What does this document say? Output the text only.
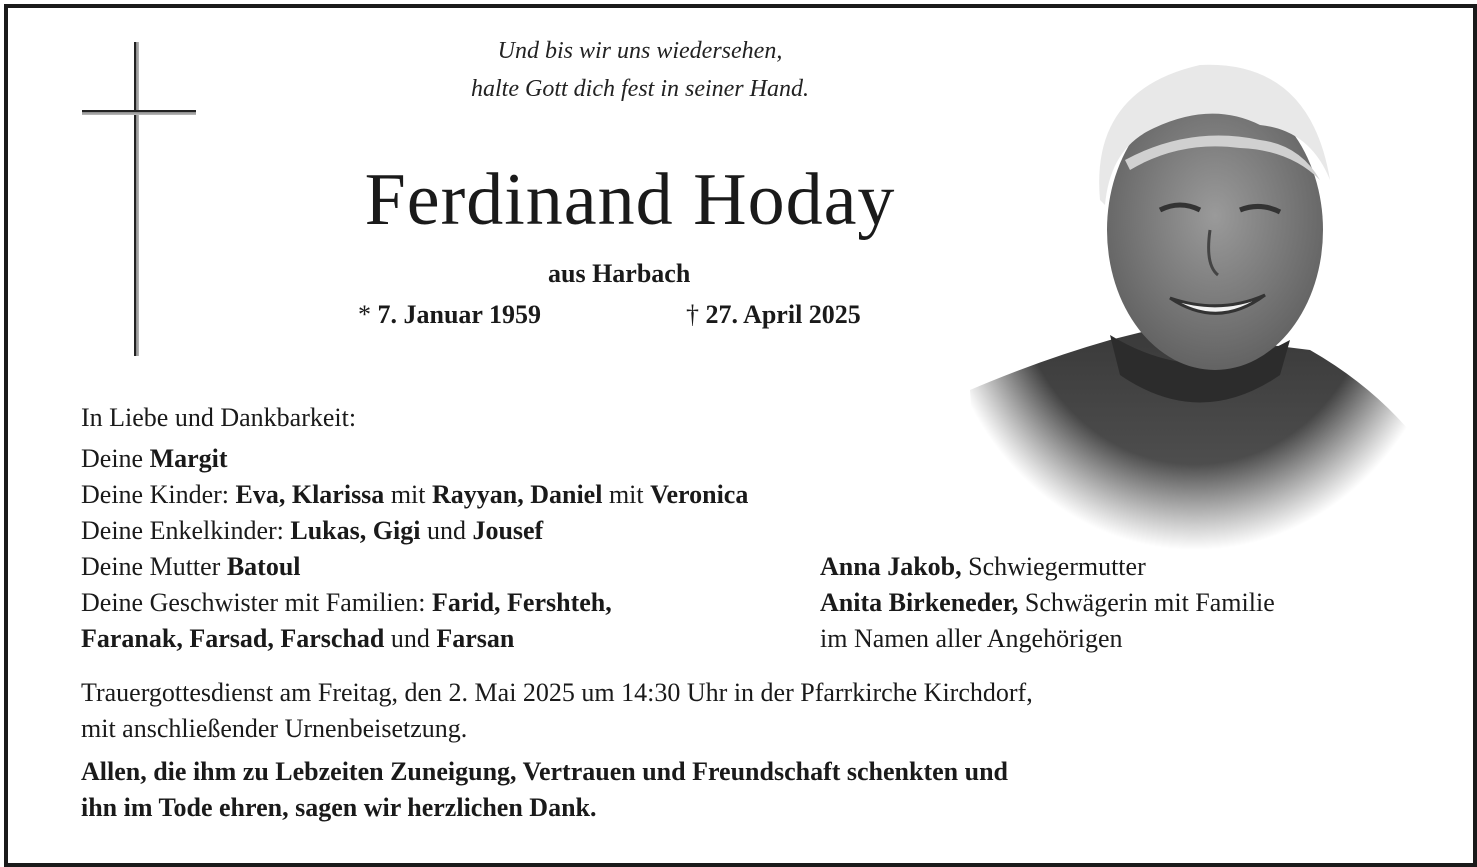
Und bis wir uns wiedersehen,
halte Gott dich fest in seiner Hand.
Ferdinand Hoday
aus Harbach
* 7. Januar 1959	† 27. April 2025
In Liebe und Dankbarkeit:
Deine Margit
Deine Kinder: Eva, Klarissa mit Rayyan, Daniel mit Veronica
Deine Enkelkinder: Lukas, Gigi und Jousef
Deine Mutter Batoul
Deine Geschwister mit Familien: Farid, Fershteh,
Faranak, Farsad, Farschad und Farsan
Anna Jakob, Schwiegermutter
Anita Birkeneder, Schwägerin mit Familie
im Namen aller Angehörigen
Trauergottesdienst am Freitag, den 2. Mai 2025 um 14:30 Uhr in der Pfarrkirche Kirchdorf,
mit anschließender Urnenbeisetzung.
Allen, die ihm zu Lebzeiten Zuneigung, Vertrauen und Freundschaft schenkten und
ihn im Tode ehren, sagen wir herzlichen Dank.
